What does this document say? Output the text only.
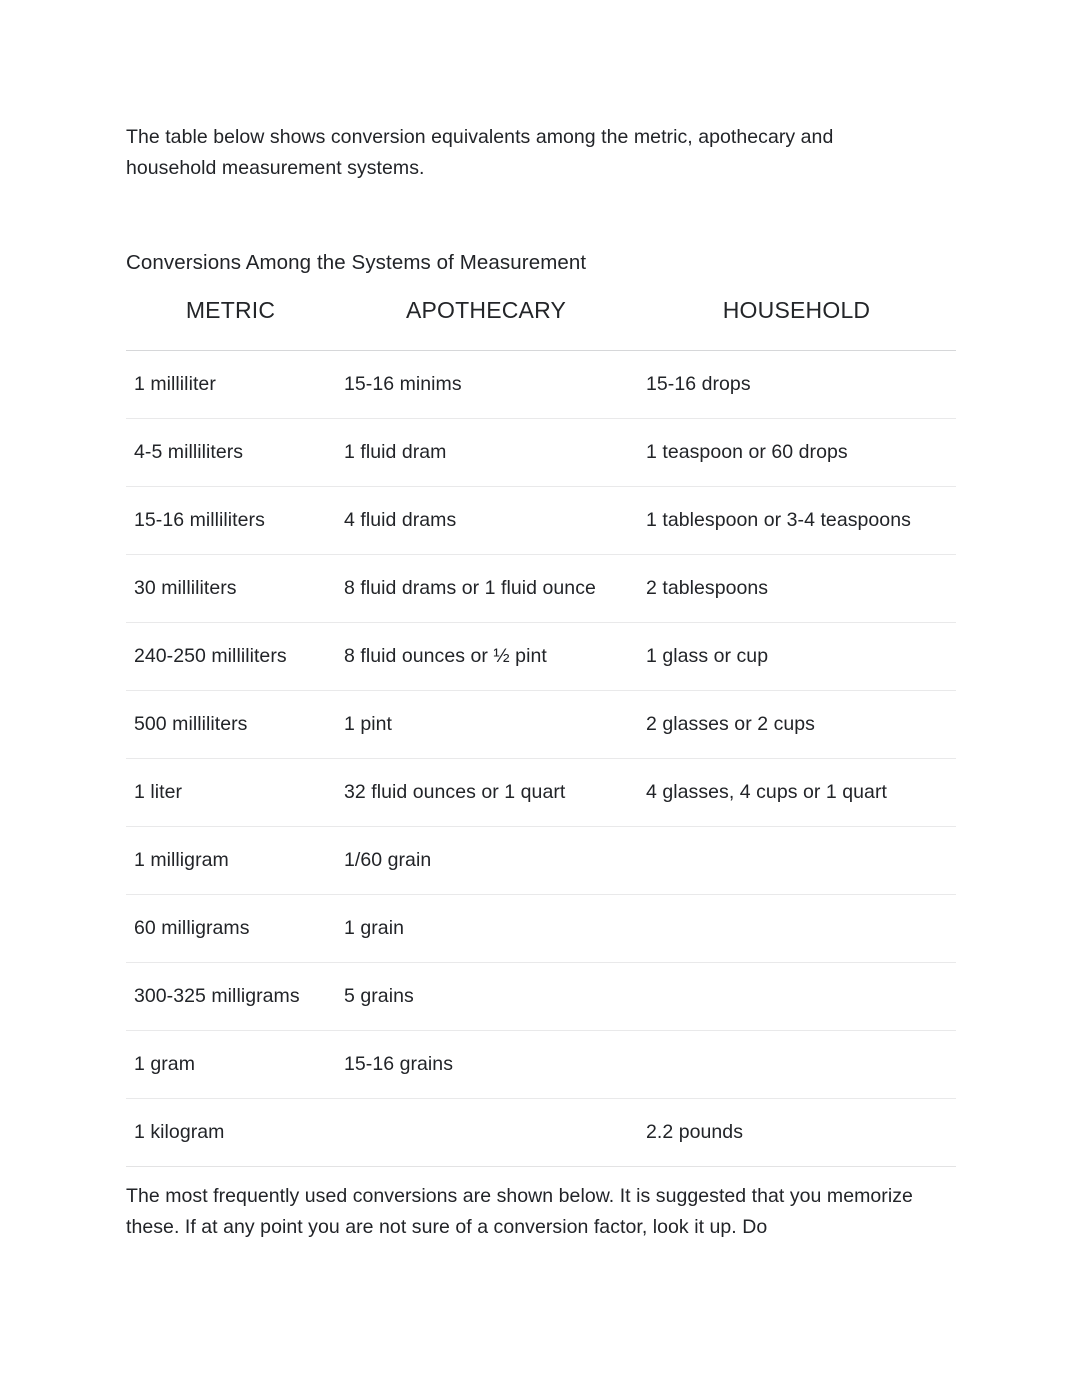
The table below shows conversion equivalents among the metric, apothecary and household measurement systems.

Conversions Among the Systems of Measurement

METRIC	APOTHECARY	HOUSEHOLD
1 milliliter	15-16 minims	15-16 drops
4-5 milliliters	1 fluid dram	1 teaspoon or 60 drops
15-16 milliliters	4 fluid drams	1 tablespoon or 3-4 teaspoons
30 milliliters	8 fluid drams or 1 fluid ounce	2 tablespoons
240-250 milliliters	8 fluid ounces or ½ pint	1 glass or cup
500 milliliters	1 pint	2 glasses or 2 cups
1 liter	32 fluid ounces or 1 quart	4 glasses, 4 cups or 1 quart
1 milligram	1/60 grain	
60 milligrams	1 grain	
300-325 milligrams	5 grains	
1 gram	15-16 grains	
1 kilogram		2.2 pounds

The most frequently used conversions are shown below. It is suggested that you memorize these. If at any point you are not sure of a conversion factor, look it up. Do
